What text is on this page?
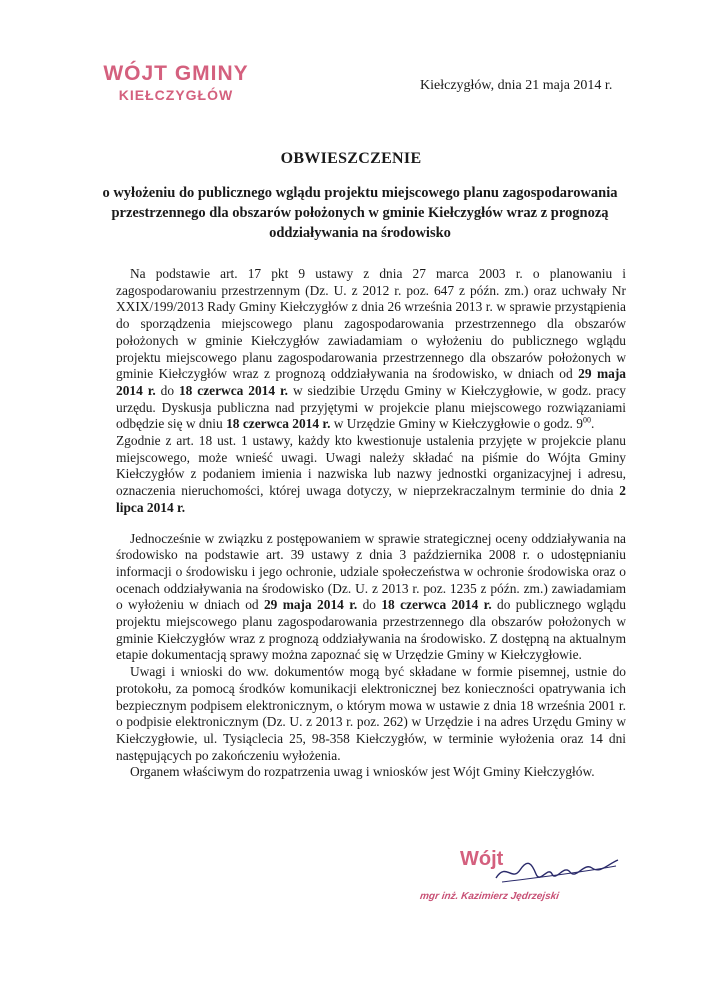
WÓJT GMINY
KIEŁCZYGŁÓW
Kiełczygłów, dnia 21 maja 2014 r.
OBWIESZCZENIE
o wyłożeniu do publicznego wglądu projektu miejscowego planu zagospodarowania przestrzennego dla obszarów położonych w gminie Kiełczygłów wraz z prognozą oddziaływania na środowisko

Na podstawie art. 17 pkt 9 ustawy z dnia 27 marca 2003 r. o planowaniu i zagospodarowaniu przestrzennym (Dz. U. z 2012 r. poz. 647 z późn. zm.) oraz uchwały Nr XXIX/199/2013 Rady Gminy Kiełczygłów z dnia 26 września 2013 r. w sprawie przystąpienia do sporządzenia miejscowego planu zagospodarowania przestrzennego dla obszarów położonych w gminie Kiełczygłów zawiadamiam o wyłożeniu do publicznego wglądu projektu miejscowego planu zagospodarowania przestrzennego dla obszarów położonych w gminie Kiełczygłów wraz z prognozą oddziaływania na środowisko, w dniach od 29 maja 2014 r. do 18 czerwca 2014 r. w siedzibie Urzędu Gminy w Kiełczygłowie, w godz. pracy urzędu. Dyskusja publiczna nad przyjętymi w projekcie planu miejscowego rozwiązaniami odbędzie się w dniu 18 czerwca 2014 r. w Urzędzie Gminy w Kiełczygłowie o godz. $9^{00}$.

Zgodnie z art. 18 ust. 1 ustawy, każdy kto kwestionuje ustalenia przyjęte w projekcie planu miejscowego, może wnieść uwagi. Uwagi należy składać na piśmie do Wójta Gminy Kiełczygłów z podaniem imienia i nazwiska lub nazwy jednostki organizacyjnej i adresu, oznaczenia nieruchomości, której uwaga dotyczy, w nieprzekraczalnym terminie do dnia 2 lipca 2014 r.

Jednocześnie w związku z postępowaniem w sprawie strategicznej oceny oddziaływania na środowisko na podstawie art. 39 ustawy z dnia 3 października 2008 r. o udostępnianiu informacji o środowisku i jego ochronie, udziale społeczeństwa w ochronie środowiska oraz o ocenach oddziaływania na środowisko (Dz. U. z 2013 r. poz. 1235 z późn. zm.) zawiadamiam o wyłożeniu w dniach od 29 maja 2014 r. do 18 czerwca 2014 r. do publicznego wglądu projektu miejscowego planu zagospodarowania przestrzennego dla obszarów położonych w gminie Kiełczygłów wraz z prognozą oddziaływania na środowisko. Z dostępną na aktualnym etapie dokumentacją sprawy można zapoznać się w Urzędzie Gminy w Kiełczygłowie.

Uwagi i wnioski do ww. dokumentów mogą być składane w formie pisemnej, ustnie do protokołu, za pomocą środków komunikacji elektronicznej bez konieczności opatrywania ich bezpiecznym podpisem elektronicznym, o którym mowa w ustawie z dnia 18 września 2001 r. o podpisie elektronicznym (Dz. U. z 2013 r. poz. 262) w Urzędzie i na adres Urzędu Gminy w Kiełczygłowie, ul. Tysiąclecia 25, 98-358 Kiełczygłów, w terminie wyłożenia oraz 14 dni następujących po zakończeniu wyłożenia.

Organem właściwym do rozpatrzenia uwag i wniosków jest Wójt Gminy Kiełczygłów.

Wójt
mgr inż. Kazimierz Jędrzejski
